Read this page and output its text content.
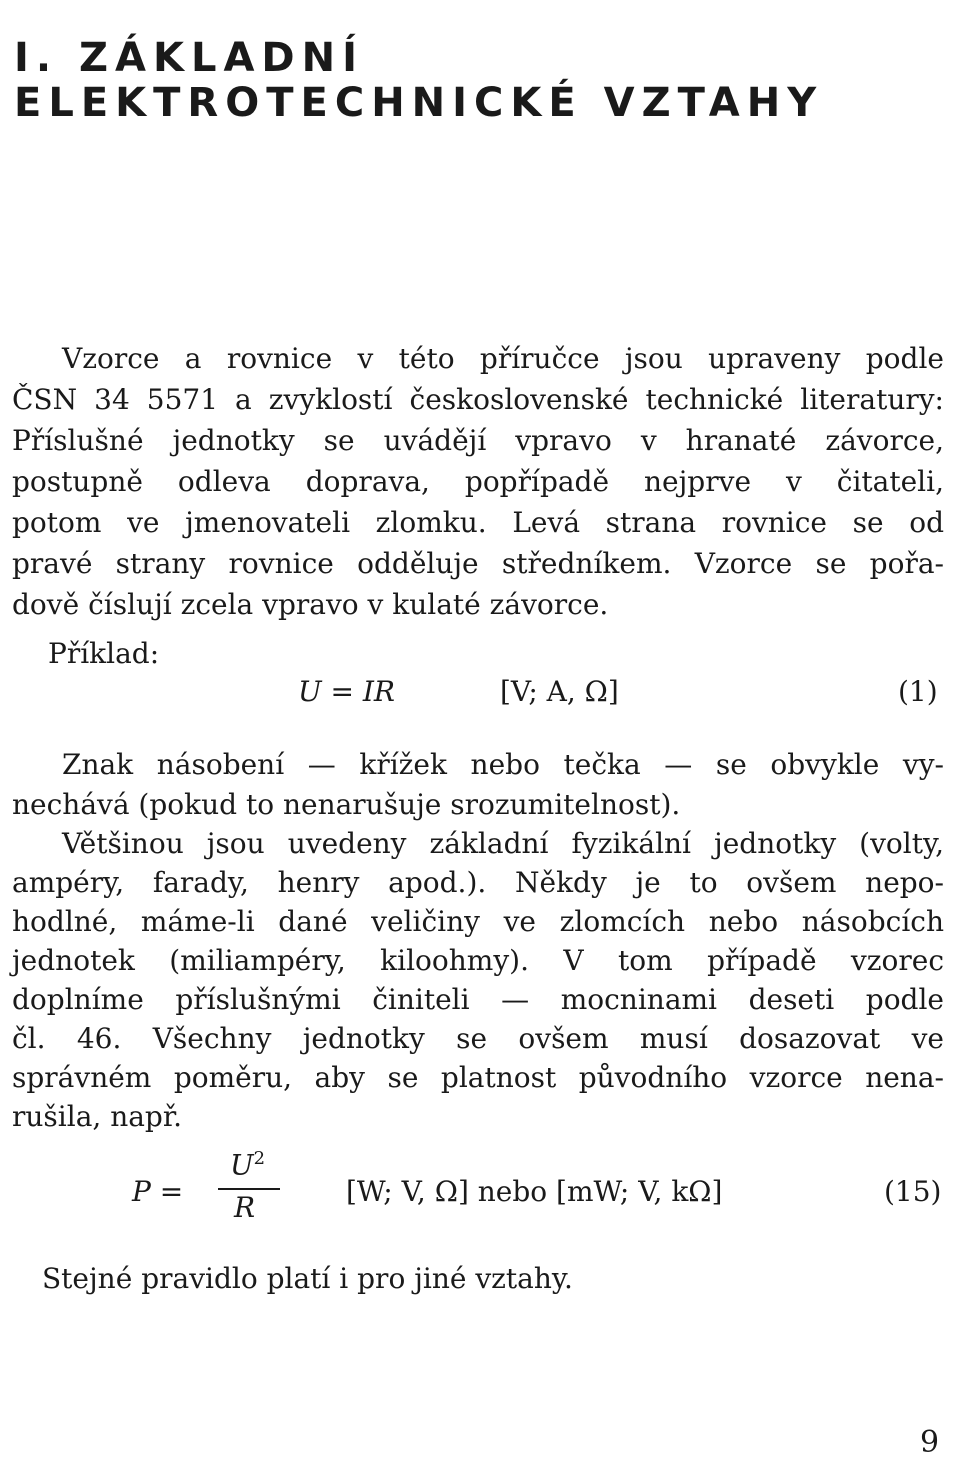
I. ZÁKLADNÍ
ELEKTROTECHNICKÉ VZTAHY
Vzorce a rovnice v této příručce jsou upraveny podle
ČSN 34 5571 a zvyklostí československé technické literatury:
Příslušné jednotky se uvádějí vpravo v hranaté závorce,
postupně odleva doprava, popřípadě nejprve v čitateli,
potom ve jmenovateli zlomku. Levá strana rovnice se od
pravé strany rovnice odděluje středníkem. Vzorce se pořa-
dově číslují zcela vpravo v kulaté závorce.
Příklad:
U = IR	[V; A, Ω]	(1)
Znak násobení — křížek nebo tečka — se obvykle vy-
nechává (pokud to nenarušuje srozumitelnost).
Většinou jsou uvedeny základní fyzikální jednotky (volty,
ampéry, farady, henry apod.). Někdy je to ovšem nepo-
hodlné, máme-li dané veličiny ve zlomcích nebo násobcích
jednotek (miliampéry, kiloohmy). V tom případě vzorec
doplníme příslušnými činiteli — mocninami deseti podle
čl. 46. Všechny jednotky se ovšem musí dosazovat ve
správném poměru, aby se platnost původního vzorce nena-
rušila, např.
P =
$U^2$
R	[W; V, Ω] nebo [mW; V, kΩ]	(15)
Stejné pravidlo platí i pro jiné vztahy.
9
